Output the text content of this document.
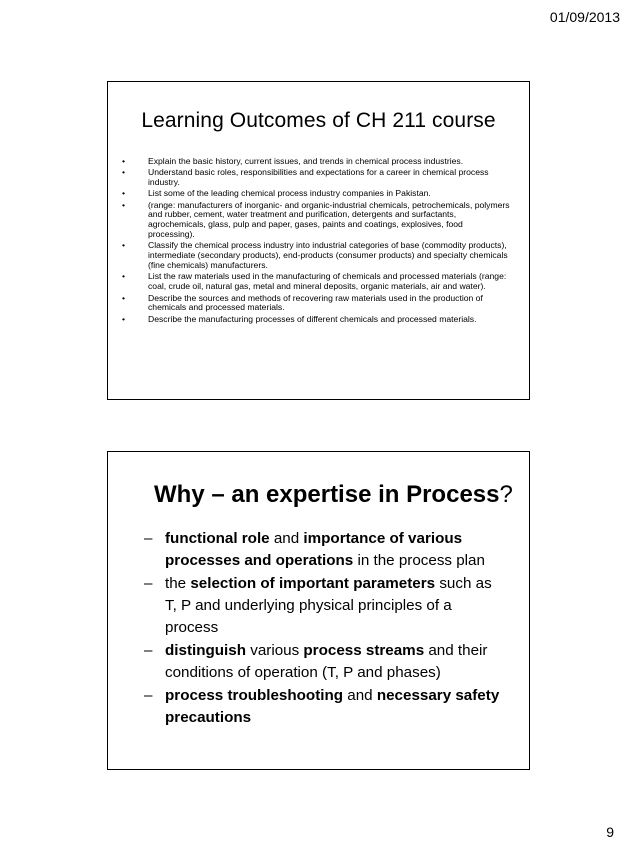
01/09/2013
Learning Outcomes of CH 211 course
•	Explain the basic history, current issues, and trends in chemical process industries.
•	Understand basic roles, responsibilities and expectations for a career in chemical process industry.
•	List some of the leading chemical process industry companies in Pakistan.
•	(range: manufacturers of inorganic- and organic-industrial chemicals, petrochemicals, polymers and rubber, cement, water treatment and purification, detergents and surfactants, agrochemicals, glass, pulp and paper, gases, paints and coatings, explosives, food processing).
•	Classify the chemical process industry into industrial categories of base (commodity products), intermediate (secondary products), end-products (consumer products) and specialty chemicals (fine chemicals) manufacturers.
•	List the raw materials used in the manufacturing of chemicals and processed materials (range: coal, crude oil, natural gas, metal and mineral deposits, organic materials, air and water).
•	Describe the sources and methods of recovering raw materials used in the production of chemicals and processed materials.
•	Describe the manufacturing processes of different chemicals and processed materials.
Why – an expertise in Process?
– functional role and importance of various processes and operations in the process plan
– the selection of important parameters such as T, P and underlying physical principles of a process
– distinguish various process streams and their conditions of operation (T, P and phases)
– process troubleshooting and necessary safety precautions
9
